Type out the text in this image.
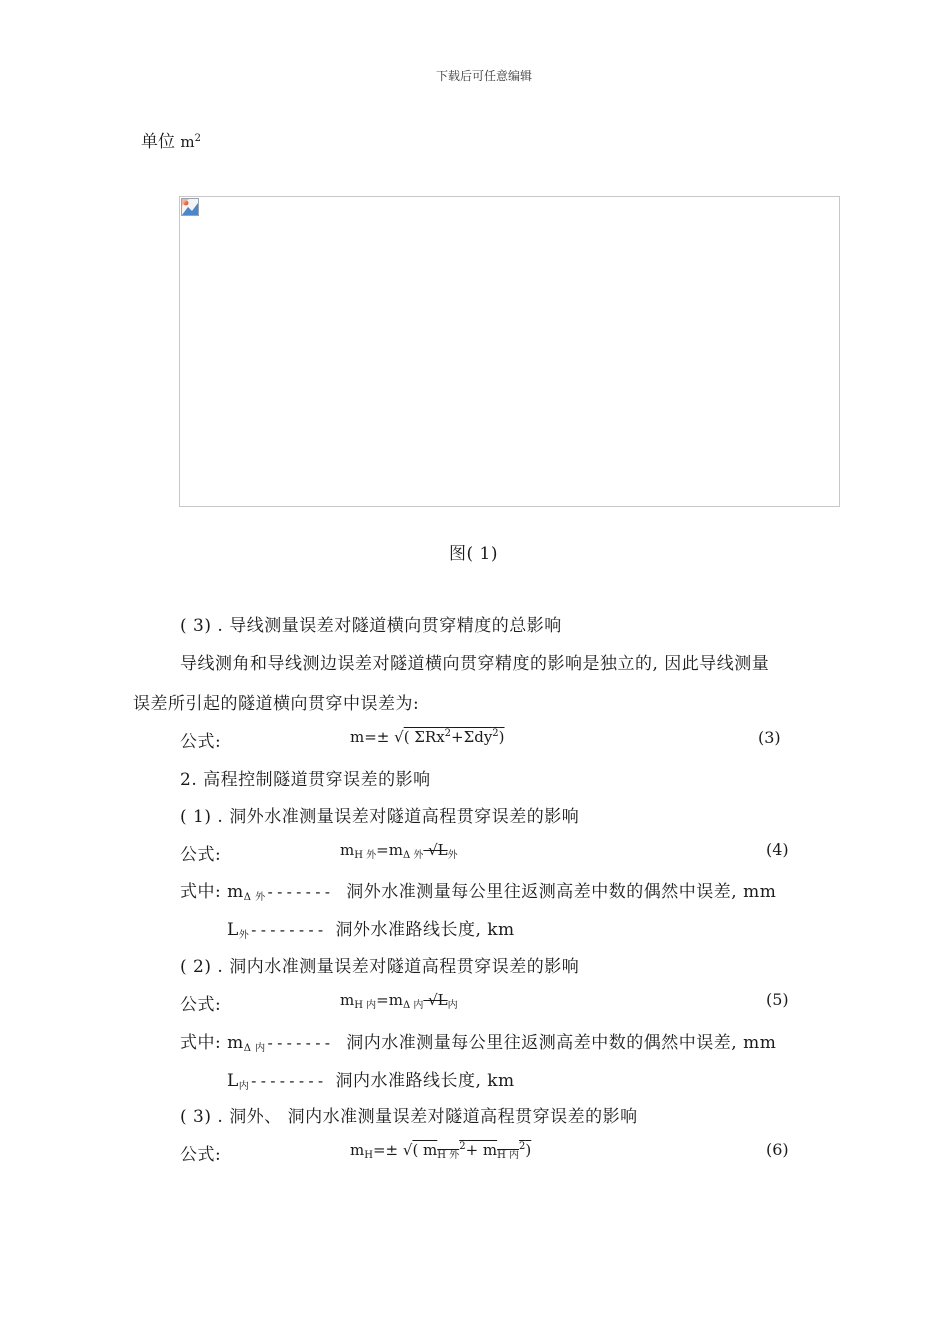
下载后可任意编辑
单位 $m^2$
图( 1)
( 3) . 导线测量误差对隧道横向贯穿精度的总影响
导线测角和导线测边误差对隧道横向贯穿精度的影响是独立的, 因此导线测量
误差所引起的隧道横向贯穿中误差为:
公式:	m=± √( ΣRx$^2$+Σdy$^2$)	(3)
2. 高程控制隧道贯穿误差的影响
( 1) . 洞外水准测量误差对隧道高程贯穿误差的影响
公式:	$m_{H 外}=m_{\Delta 外}$ $√L_外$	(4)
式中: $m_{\Delta 外}-------$ 洞外水准测量每公里往返测高差中数的偶然中误差, mm
$L_外--------$ 洞外水准路线长度, km
( 2) . 洞内水准测量误差对隧道高程贯穿误差的影响
公式:	$m_{H 内}=m_{\Delta 内}$ $√L_内$	(5)
式中: $m_{\Delta 内}-------$ 洞内水准测量每公里往返测高差中数的偶然中误差, mm
$L_内--------$ 洞内水准路线长度, km
( 3) . 洞外、 洞内水准测量误差对隧道高程贯穿误差的影响
公式:	$m_H=\pm$ √( $m_{H 外}^2+ m_{H 内}^2$)	(6)
